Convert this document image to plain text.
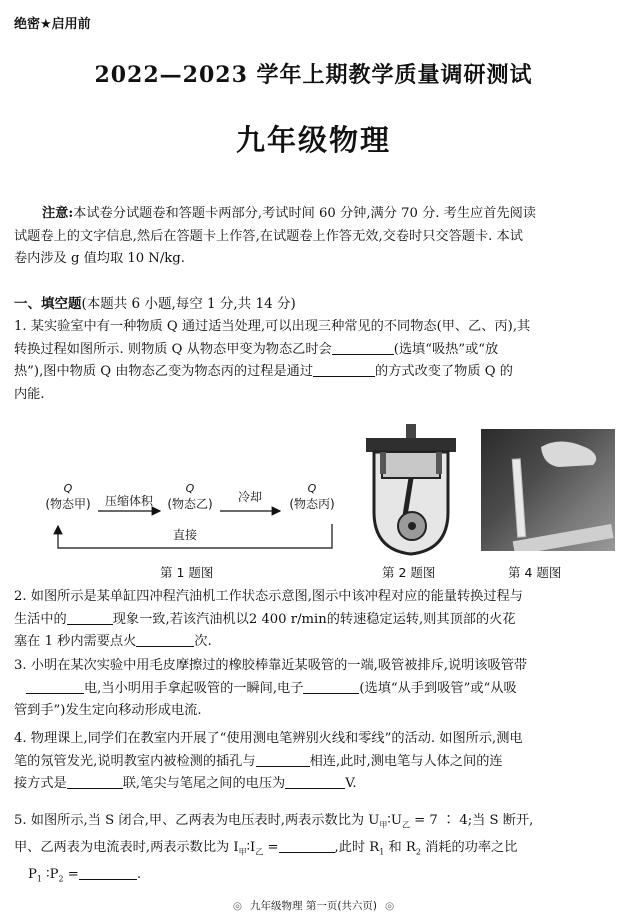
绝密★启用前
2022—2023 学年上期教学质量调研测试
九年级物理
注意:本试卷分试题卷和答题卡两部分,考试时间 60 分钟,满分 70 分. 考生应首先阅读
试题卷上的文字信息,然后在答题卡上作答,在试题卷上作答无效,交卷时只交答题卡. 本试
卷内涉及 g 值均取 10 N/kg.
一、填空题(本题共 6 小题,每空 1 分,共 14 分)
1. 某实验室中有一种物质 Q 通过适当处理,可以出现三种常见的不同物态(甲、乙、丙),其
转换过程如图所示. 则物质 Q 从物态甲变为物态乙时会	(选填“吸热”或“放
热”),图中物质 Q 由物态乙变为物态丙的过程是通过	的方式改变了物质 Q 的
内能.
Q
(物态甲)
Q
(物态乙)
Q
(物态丙)
压缩体积	冷却
直接
第 1 题图	第 2 题图	第 4 题图
2. 如图所示是某单缸四冲程汽油机工作状态示意图,图示中该冲程对应的能量转换过程与
生活中的	现象一致,若该汽油机以2 400 r/min的转速稳定运转,则其顶部的火花
塞在 1 秒内需要点火	次.
3. 小明在某次实验中用毛皮摩擦过的橡胶棒靠近某吸管的一端,吸管被排斥,说明该吸管带
电,当小明用手拿起吸管的一瞬间,电子	(选填“从手到吸管”或“从吸
管到手”)发生定向移动形成电流.
4. 物理课上,同学们在教室内开展了“使用测电笔辨别火线和零线”的活动. 如图所示,测电
笔的氖管发光,说明教室内被检测的插孔与	相连,此时,测电笔与人体之间的连
接方式是	联,笔尖与笔尾之间的电压为	V.
5. 如图所示,当 S 闭合,甲、乙两表为电压表时,两表示数比为 $U_甲∶U_乙 = 7$ ∶ 4;当 S 断开,
甲、乙两表为电流表时,两表示数比为 $I_甲∶I_乙$ =	,此时 $R_1$ 和 $R_2$ 消耗的功率之比
$P_1$ $∶P_2$ =	.
◎ 九年级物理 第一页(共六页) ◎
